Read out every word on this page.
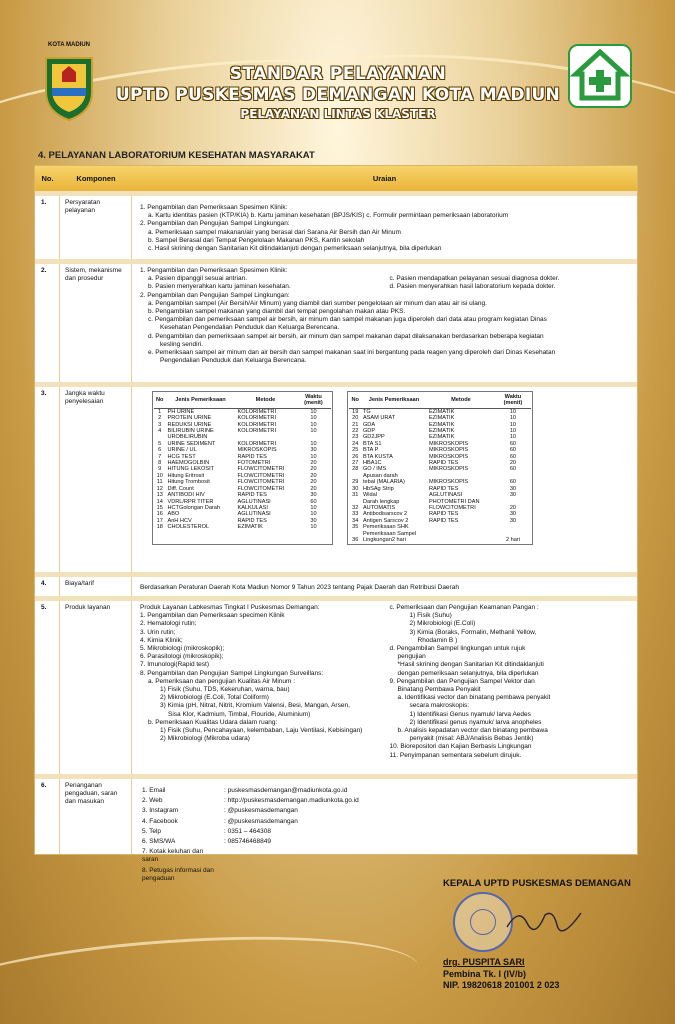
KOTA MADIUN
STANDAR PELAYANAN
UPTD PUSKESMAS DEMANGAN KOTA MADIUN
PELAYANAN LINTAS KLASTER
4. PELAYANAN LABORATORIUM KESEHATAN MASYARAKAT
No.	Komponen	Uraian
1.	Persyaratan pelayanan	1. Pengambilan dan Pemeriksaan Spesimen Klinik:
a. Kartu identitas pasien (KTP/KIA) b. Kartu jaminan kesehatan (BPJS/KIS) c. Formulir permintaan pemeriksaan laboratorium
2. Pengambilan dan Pengujian Sampel Lingkungan:
a. Pemeriksaan sampel makanan/air yang berasal dari Sarana Air Bersih dan Air Minum
b. Sampel Berasal dari Tempat Pengelolaan Makanan PKS, Kantin sekolah
c. Hasil skrining dengan Sanitarian Kit ditindaklanjuti dengan pemeriksaan selanjutnya, bila diperlukan
2.	Sistem, mekanisme dan prosedur
1. Pengambilan dan Pemeriksaan Spesimen Klinik:
a. Pasien dipanggil sesuai antrian.
b. Pasien menyerahkan kartu jaminan kesehatan.
c. Pasien mendapatkan pelayanan sesuai diagnosa dokter.
d. Pasien menyerahkan hasil laboratorium kepada dokter.
2. Pengambilan dan Pengujian Sampel Lingkungan:
a. Pengambilan sampel (Air Bersih/Air Minum) yang diambil dari sumber pengelolaan air minum dan atau air isi ulang.
b. Pengambilan sampel makanan yang diambil dari tempat pengolahan makan atau PKS.
c. Pengambilan dan pemeriksaan sampel air bersih, air minum dan sampel makanan juga diperoleh dari data atau program kegiatan Dinas
Kesehatan Pengendalian Penduduk dan Keluarga Berencana.
d. Pengambilan dan pemeriksaan sampel air bersih, air minum dan sampel makanan dapat dilaksanakan berdasarkan beberapa kegiatan
kesling sendiri.
e. Pemeriksaan sampel air minum dan air bersih dan sampel makanan saat ini bergantung pada reagen yang diperoleh dari Dinas Kesehatan
Pengendalian Penduduk dan Keluarga Berencana.
3.	Jangka waktu penyelesaian	No	Jenis Pemeriksaan	Metode	Waktu (menit)
1	PH URINE	KOLORIMETRI	10
2	PROTEIN URINE	KOLORIMETRI	10
3	REDUKSI URINE	KOLORIMETRI	10
4	BILIRUBIN URINE	KOLORIMETRI	10
	UROBILIRUBIN		
5	URINE SEDIMENT	KOLORIMETRI	10
6	URINE / UL	MIKROSKOPIS	30
7	HCG TEST	RAPID TES	10
8	HAEMOGOLBIN	FOTOMETRI	20
9	HITUNG LEKOSIT	FLOWCITOMETRI	20
10	Hitung Eritrosit	FLOWCITOMETRI	20
11	Hitung Trombosit	FLOWCITOMETRI	20
12	Diff. Count	FLOWCITOMETRI	20
13	ANTIBODI HIV	RAPID TES	30
14	VDRL/RPR TITER	AGLUTINASI	60
15	HCTGolongan Darah	KALKULASI	10
16	ABO	AGLUTINASI	10
17	AnH HCV	RAPID TES	30
18	CHOLESTEROL	EZIMATIK	10
No	Jenis Pemeriksaan	Metode	Waktu (menit)
19	TG	EZIMATIK	10
20	ASAM URAT	EZIMATIK	10
21	GDA	EZIMATIK	10
22	GDP	EZIMATIK	10
23	GD2JPP	EZIMATIK	10
24	BTA S1	MIKROSKOPIS	60
25	BTA P	MIKROSKOPIS	60
26	BTA KUSTA	MIKROSKOPIS	60
27	HBA1C	RAPID TES	20
28	GO / IMS	MIKROSKOPIS	60
	Apusan darah		
29	tebal (MALARIA)	MIKROSKOPIS	60
30	HbSAg Strip	RAPID TES	30
31	Widal	AGLUTINASI	30
	Darah lengkap	PHOTOMETRI DAN	
32	AUTOMATIS	FLOWCITOMETRI	20
33	Antibodisarscov 2	RAPID TES	30
34	Antigen Sarscov 2	RAPID TES	30
35	Pemeriksaan SHK		
	Pemeriksaan Sampel		
36	Lingkungan2 hari		2 hari
4.	Biaya/tarif
Berdasarkan Peraturan Daerah Kota Madiun Nomor 9 Tahun 2023 tentang Pajak Daerah dan Retribusi Daerah
5.	Produk layanan	Produk Layanan Labkesmas Tingkat I Puskesmas Demangan:
1. Pengambilan dan Pemeriksaan specimen Klinik
2. Hematologi rutin;
3. Urin rutin;
4. Kimia Klinik;
5. Mikrobiologi (mikroskopik);
6. Parasitologi (mikroskopik);
7. Imunologi(Rapid test)
8. Pengambilan dan Pengujian Sampel Lingkungan Surveillans:
a. Pemeriksaan dan pengujian Kualitas Air Minum :
1) Fisik (Suhu, TDS, Kekeruhan, warna, bau)
2) Mikrobiologi (E.Coli, Total Coliform)
3) Kimia (pH, Nitrat, Nitrit, Kromium Valensi, Besi, Mangan, Arsen,
Sisa Klor, Kadmium, Timbal, Flouride, Aluminium)
b. Pemeriksaan Kualitas Udara dalam ruang:
1) Fisik (Suhu, Pencahayaan, kelembaban, Laju Ventilasi, Kebisingan)
2) Mikrobiologi (Mikroba udara)
c. Pemeriksaan dan Pengujian Keamanan Pangan :
1) Fisik (Suhu)
2) Mikrobiologi (E.Coli)
3) Kimia (Boraks, Formalin, Methanil Yellow,
Rhodamin B )
d. Pengambilan Sampel lingkungan untuk rujuk
pengujian
*Hasil skrining dengan Sanitarian Kit ditindaklanjuti
dengan pemeriksaan selanjutnya, bila diperlukan
9. Pengambilan dan Pengujian Sampel Vektor dan
Binatang Pembawa Penyakit
a. Identifikasi vector dan binatang pembawa penyakit
secara makroskopis:
1) Identifikasi Genus nyamuk/ larva Aedes
2) Identifikasi genus nyamuk/ larva anopheles
b. Analisis kepadatan vector dan binatang pembawa
penyakit (misal: ABJ/Analisis Bebas Jentik)
10. Biorepositori dan Kajian Berbasis Lingkungan
11. Penyimpanan sementara sebelum dirujuk.
6.	Penanganan pengaduan, saran dan masukan
1. Email	: puskesmasdemangan@madiunkota.go.id
2. Web	: http://puskesmasdemangan.madiunkota.go.id
3. Instagram	: @puskesmasdemangan
4. Facebook	: @puskesmasdemangan
5. Telp	: 0351 – 464308
6. SMS/WA	: 085746468849
7. Kotak keluhan dan saran	
8. Petugas informasi dan pengaduan		KEPALA UPTD PUSKESMAS DEMANGAN
drg. PUSPITA SARI
Pembina Tk. I (IV/b)
NIP. 19820618 201001 2 023
